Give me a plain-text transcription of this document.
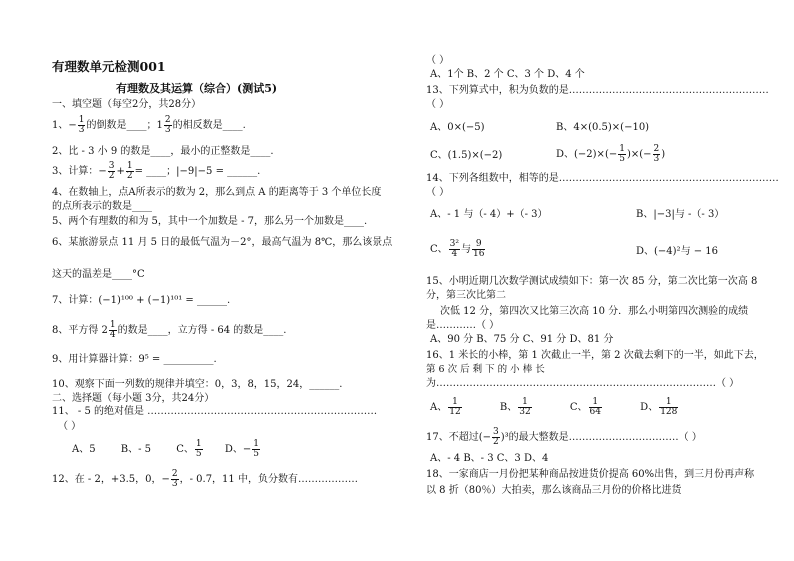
有理数单元检测001
有理数及其运算（综合）(测试5)
一、填空题（每空2分，共28分）
1、− $\frac{1}{3}$ 的倒数是____；$1 \frac{2}{3}$ 的相反数是____.
2、比 - 3 小 9 的数是____，最小的正整数是____.
3、计算：− $\frac{3}{2} + \frac{1}{2}$ = ____；|−9|−5 = ______.
4、在数轴上，点A所表示的数为 2，那么到点 A 的距离等于 3 个单位长度
的点所表示的数是____
5、两个有理数的和为 5，其中一个加数是 - 7，那么另一个加数是____.
6、某旅游景点 11 月 5 日的最低气温为－2°，最高气温为 8℃，那么该景点
这天的温差是____°C
7、计算：(−1)¹⁰⁰ + (−1)¹⁰¹ = ______.
8、平方得 $2 \frac{1}{4}$ 的数是____，立方得 - 64 的数是____.
9、用计算器计算：9⁵ = __________.
10、观察下面一列数的规律并填空：0，3，8，15，24，______.
二、选择题（每小题 3分，共24分）
11、 - 5 的绝对值是 ……………………………………………………………
（ ）
A、5	B、- 5	C、 $\frac{1}{5}$ D、− $\frac{1}{5}$
12、在 - 2，+3.5，0，− $\frac{2}{3}$ ，- 0.7，11 中，负分数有………………
（ ）
A、1个 B、2 个 C、3 个 D、4 个
13、下列算式中，积为负数的是……………………………………………………
（ ）
A、0×(−5)	B、4×(0.5)×(−10)
C、(1.5)×(−2)	D、$(-2)\times(- \frac{1}{5}$ )×(− $\frac{2}{3}$ )
14、下列各组数中，相等的是…………………………………………………………
（ ）
A、- 1 与（- 4）+（- 3）	B、|−3|与 -（- 3）
C、 $\frac{\text{3²}}{4}$ 与 $\frac{9}{16}$	D、(−4)²与 − 16
15、小明近期几次数学测试成绩如下：第一次 85 分，第二次比第一次高 8
分，第三次比第二
次低 12 分，第四次又比第三次高 10 分．那么小明第四次测验的成绩
是…………（ ）
A、90 分 B、75 分 C、91 分 D、81 分
16、1 米长的小棒，第 1 次截止一半，第 2 次截去剩下的一半，如此下去，
第 6 次 后 剩 下 的 小 棒 长
为…………………………………………………………………………（ ）
A、 $\frac{1}{12}$	B、 $\frac{1}{32}$	C、 $\frac{1}{64}$	D、 $\frac{1}{128}$
17、不超过(− $\frac{3}{2} )^3$的最大整数是……………………………（ ）
A、- 4 B、- 3 C、3 D、4
18、一家商店一月份把某种商品按进货价提高 60%出售，到三月份再声称
以 8 折（80％）大拍卖，那么该商品三月份的价格比进货
